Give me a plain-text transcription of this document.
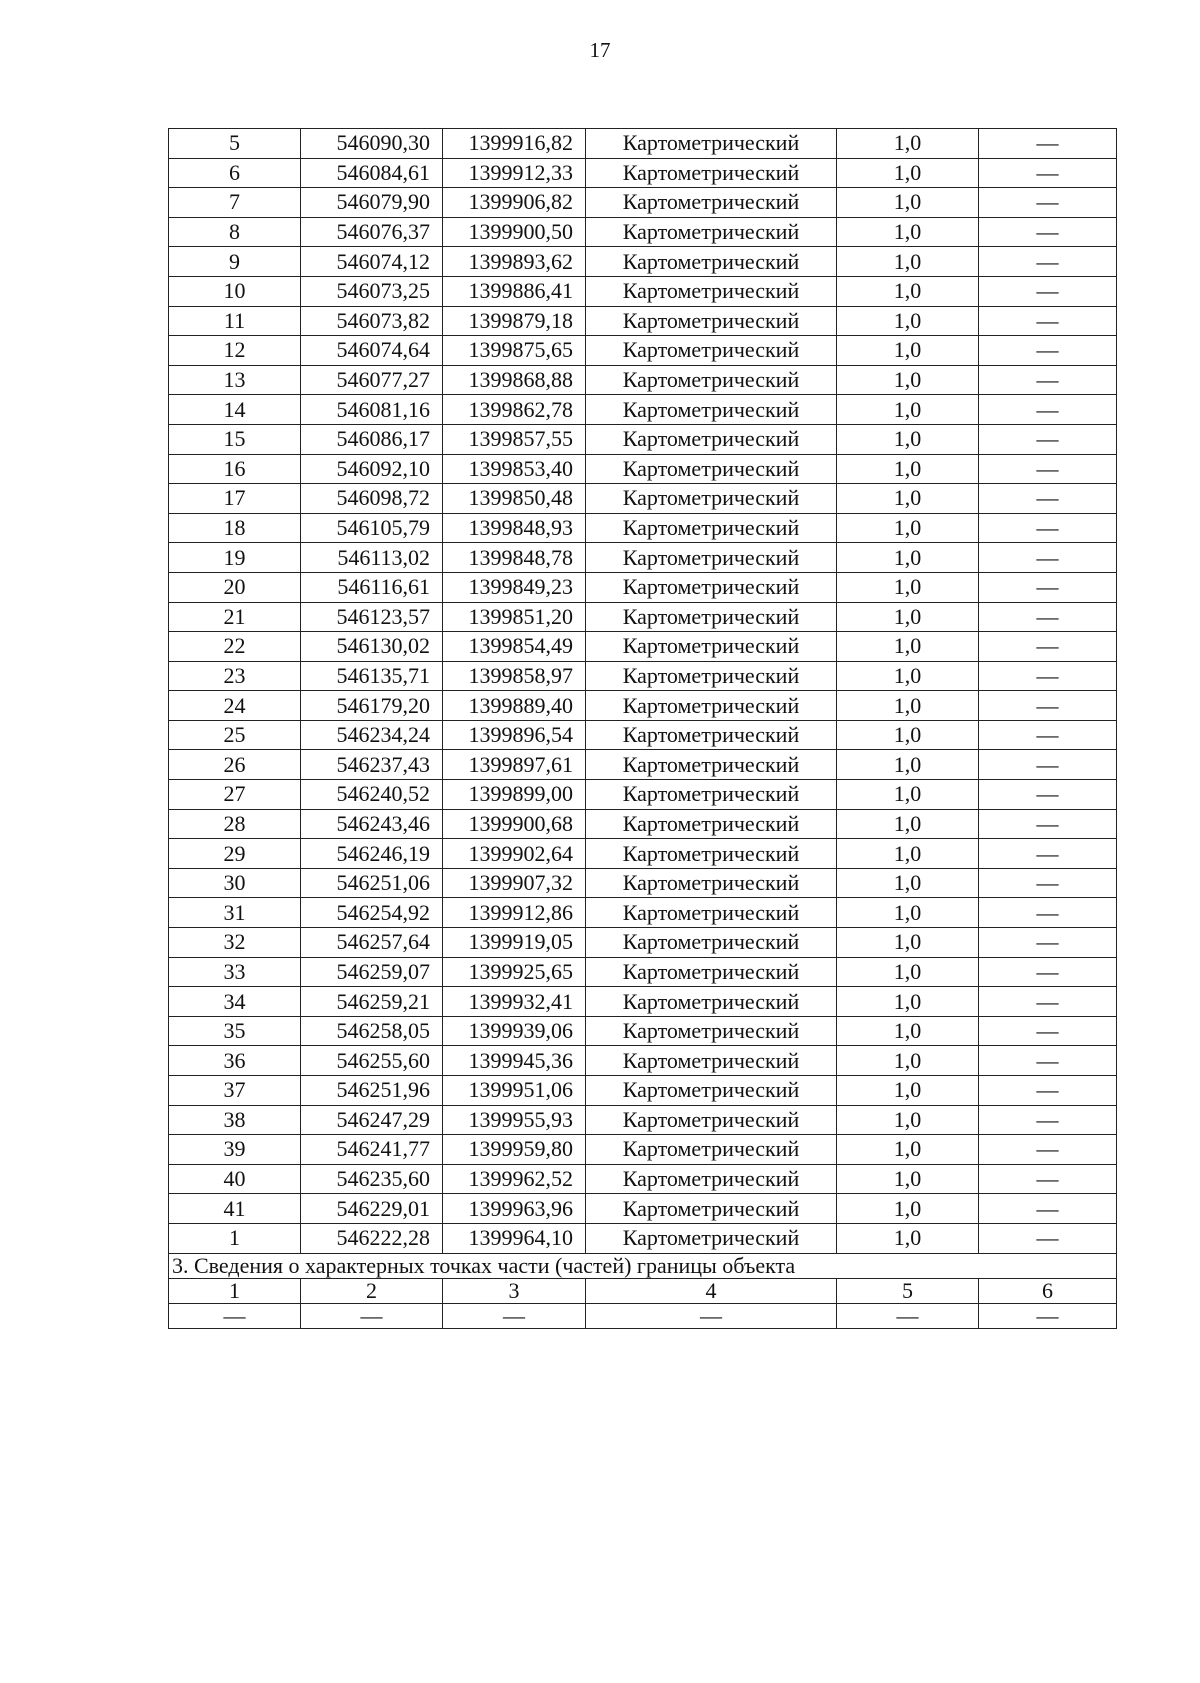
17
5	546090,30	1399916,82	Картометрический	1,0	—
6	546084,61	1399912,33	Картометрический	1,0	—
7	546079,90	1399906,82	Картометрический	1,0	—
8	546076,37	1399900,50	Картометрический	1,0	—
9	546074,12	1399893,62	Картометрический	1,0	—
10	546073,25	1399886,41	Картометрический	1,0	—
11	546073,82	1399879,18	Картометрический	1,0	—
12	546074,64	1399875,65	Картометрический	1,0	—
13	546077,27	1399868,88	Картометрический	1,0	—
14	546081,16	1399862,78	Картометрический	1,0	—
15	546086,17	1399857,55	Картометрический	1,0	—
16	546092,10	1399853,40	Картометрический	1,0	—
17	546098,72	1399850,48	Картометрический	1,0	—
18	546105,79	1399848,93	Картометрический	1,0	—
19	546113,02	1399848,78	Картометрический	1,0	—
20	546116,61	1399849,23	Картометрический	1,0	—
21	546123,57	1399851,20	Картометрический	1,0	—
22	546130,02	1399854,49	Картометрический	1,0	—
23	546135,71	1399858,97	Картометрический	1,0	—
24	546179,20	1399889,40	Картометрический	1,0	—
25	546234,24	1399896,54	Картометрический	1,0	—
26	546237,43	1399897,61	Картометрический	1,0	—
27	546240,52	1399899,00	Картометрический	1,0	—
28	546243,46	1399900,68	Картометрический	1,0	—
29	546246,19	1399902,64	Картометрический	1,0	—
30	546251,06	1399907,32	Картометрический	1,0	—
31	546254,92	1399912,86	Картометрический	1,0	—
32	546257,64	1399919,05	Картометрический	1,0	—
33	546259,07	1399925,65	Картометрический	1,0	—
34	546259,21	1399932,41	Картометрический	1,0	—
35	546258,05	1399939,06	Картометрический	1,0	—
36	546255,60	1399945,36	Картометрический	1,0	—
37	546251,96	1399951,06	Картометрический	1,0	—
38	546247,29	1399955,93	Картометрический	1,0	—
39	546241,77	1399959,80	Картометрический	1,0	—
40	546235,60	1399962,52	Картометрический	1,0	—
41	546229,01	1399963,96	Картометрический	1,0	—
1	546222,28	1399964,10	Картометрический	1,0	—
3. Сведения о характерных точках части (частей) границы объекта					
1	2	3	4	5	6
—	—	—	—	—	—
